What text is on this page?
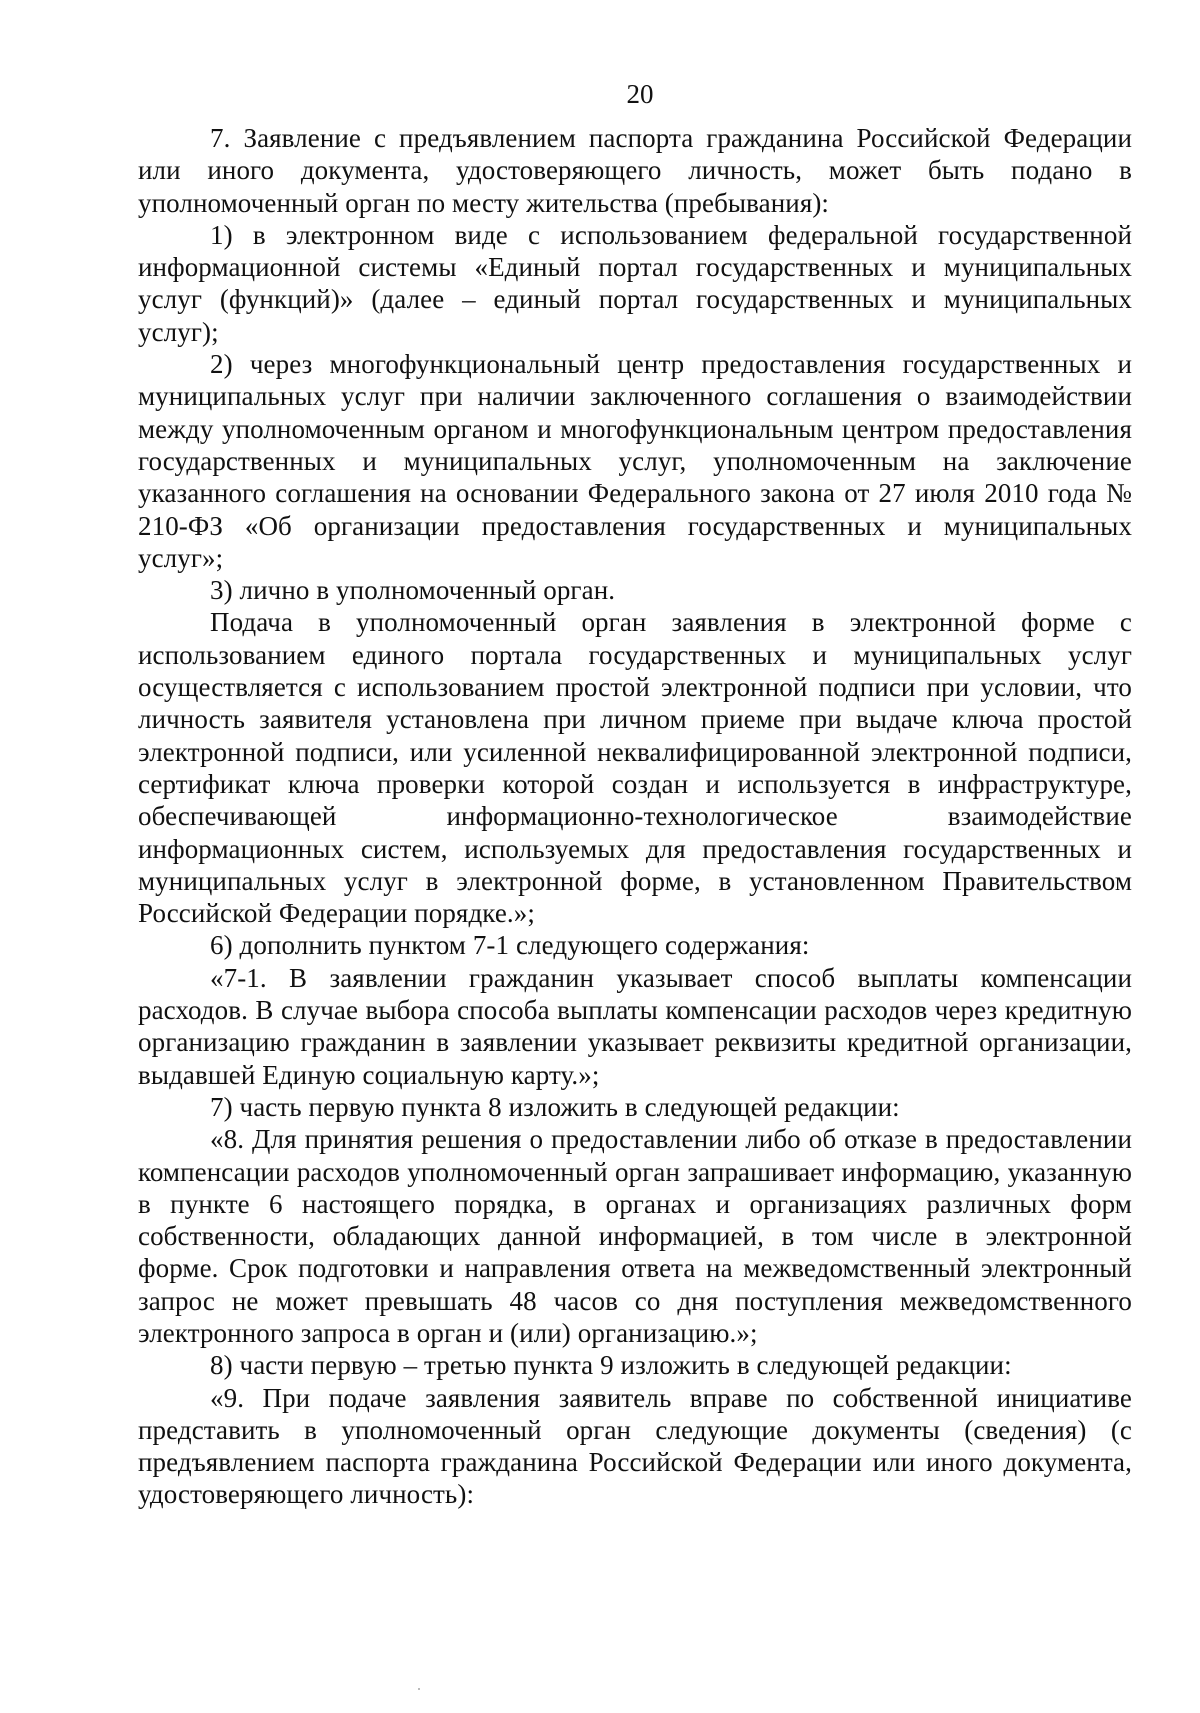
20

7. Заявление с предъявлением паспорта гражданина Российской Федерации или иного документа, удостоверяющего личность, может быть подано в уполномоченный орган по месту жительства (пребывания):

1) в электронном виде с использованием федеральной государственной информационной системы «Единый портал государственных и муниципальных услуг (функций)» (далее – единый портал государственных и муниципальных услуг);

2) через многофункциональный центр предоставления государственных и муниципальных услуг при наличии заключенного соглашения о взаимодействии между уполномоченным органом и многофункциональным центром предоставления государственных и муниципальных услуг, уполномоченным на заключение указанного соглашения на основании Федерального закона от 27 июля 2010 года № 210-ФЗ «Об организации предоставления государственных и муниципальных услуг»;

3) лично в уполномоченный орган.

Подача в уполномоченный орган заявления в электронной форме с использованием единого портала государственных и муниципальных услуг осуществляется с использованием простой электронной подписи при условии, что личность заявителя установлена при личном приеме при выдаче ключа простой электронной подписи, или усиленной неквалифицированной электронной подписи, сертификат ключа проверки которой создан и используется в инфраструктуре, обеспечивающей информационно-технологическое взаимодействие информационных систем, используемых для предоставления государственных и муниципальных услуг в электронной форме, в установленном Правительством Российской Федерации порядке.»;

6) дополнить пунктом 7-1 следующего содержания:

«7-1. В заявлении гражданин указывает способ выплаты компенсации расходов. В случае выбора способа выплаты компенсации расходов через кредитную организацию гражданин в заявлении указывает реквизиты кредитной организации, выдавшей Единую социальную карту.»;

7) часть первую пункта 8 изложить в следующей редакции:

«8. Для принятия решения о предоставлении либо об отказе в предоставлении компенсации расходов уполномоченный орган запрашивает информацию, указанную в пункте 6 настоящего порядка, в органах и организациях различных форм собственности, обладающих данной информацией, в том числе в электронной форме. Срок подготовки и направления ответа на межведомственный электронный запрос не может превышать 48 часов со дня поступления межведомственного электронного запроса в орган и (или) организацию.»;

8) части первую – третью пункта 9 изложить в следующей редакции:

«9. При подаче заявления заявитель вправе по собственной инициативе представить в уполномоченный орган следующие документы (сведения) (с предъявлением паспорта гражданина Российской Федерации или иного документа, удостоверяющего личность):
